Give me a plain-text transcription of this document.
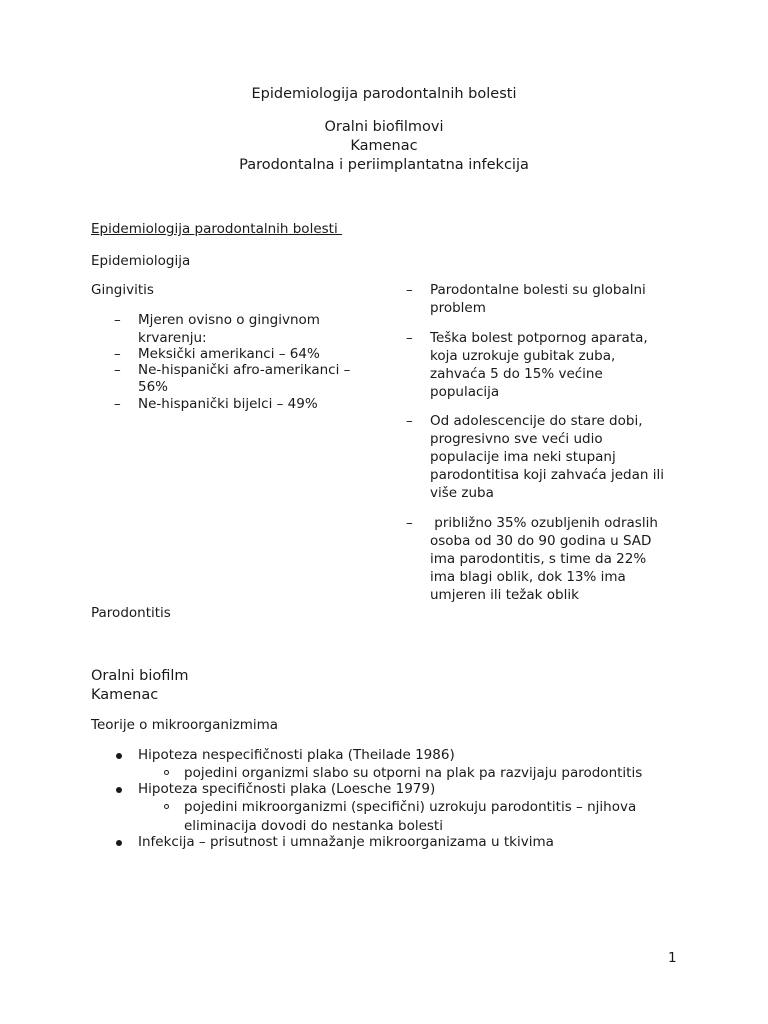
Epidemiologija parodontalnih bolesti
Oralni biofilmovi
Kamenac
Parodontalna i periimplantatna infekcija
Epidemiologija parodontalnih bolesti
Epidemiologija
Gingivitis
– Mjeren ovisno o gingivnom
krvarenju:
– Meksički amerikanci – 64%
– Ne-hispanički afro-amerikanci –
56%
– Ne-hispanički bijelci – 49%
– Parodontalne bolesti su globalni
problem
– Teška bolest potpornog aparata,
koja uzrokuje gubitak zuba,
zahvaća 5 do 15% većine
populacija
– Od adolescencije do stare dobi,
progresivno sve veći udio
populacije ima neki stupanj
parodontitisa koji zahvaća jedan ili
više zuba
– približno 35% ozubljenih odraslih
osoba od 30 do 90 godina u SAD
ima parodontitis, s time da 22%
ima blagi oblik, dok 13% ima
umjeren ili težak oblik
Parodontitis
Oralni biofilm
Kamenac
Teorije o mikroorganizmima
Hipoteza nespecifičnosti plaka (Theilade 1986)
pojedini organizmi slabo su otporni na plak pa razvijaju parodontitis
Hipoteza specifičnosti plaka (Loesche 1979)
pojedini mikroorganizmi (specifični) uzrokuju parodontitis – njihova
eliminacija dovodi do nestanka bolesti
Infekcija – prisutnost i umnažanje mikroorganizama u tkivima
1
